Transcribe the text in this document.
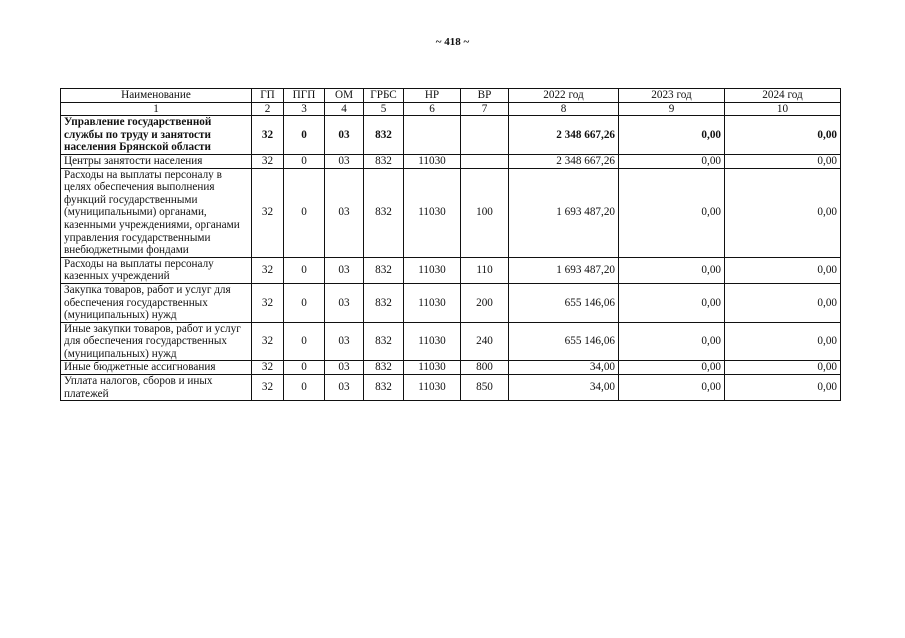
~ 418 ~
Наименование	ГП	ПГП	ОМ	ГРБС	НР	ВР	2022 год	2023 год	2024 год
1	2	3	4	5	6	7	8	9	10
Управление государственной службы по труду и занятости населения Брянской области	32	0	03	832			2 348 667,26	0,00	0,00
Центры занятости населения	32	0	03	832	11030		2 348 667,26	0,00	0,00
Расходы на выплаты персоналу в целях обеспечения выполнения функций государственными (муниципальными) органами, казенными учреждениями, органами управления государственными внебюджетными фондами	32	0	03	832	11030	100	1 693 487,20	0,00	0,00
Расходы на выплаты персоналу казенных учреждений	32	0	03	832	11030	110	1 693 487,20	0,00	0,00
Закупка товаров, работ и услуг для обеспечения государственных (муниципальных) нужд	32	0	03	832	11030	200	655 146,06	0,00	0,00
Иные закупки товаров, работ и услуг для обеспечения государственных (муниципальных) нужд	32	0	03	832	11030	240	655 146,06	0,00	0,00
Иные бюджетные ассигнования	32	0	03	832	11030	800	34,00	0,00	0,00
Уплата налогов, сборов и иных платежей	32	0	03	832	11030	850	34,00	0,00	0,00
